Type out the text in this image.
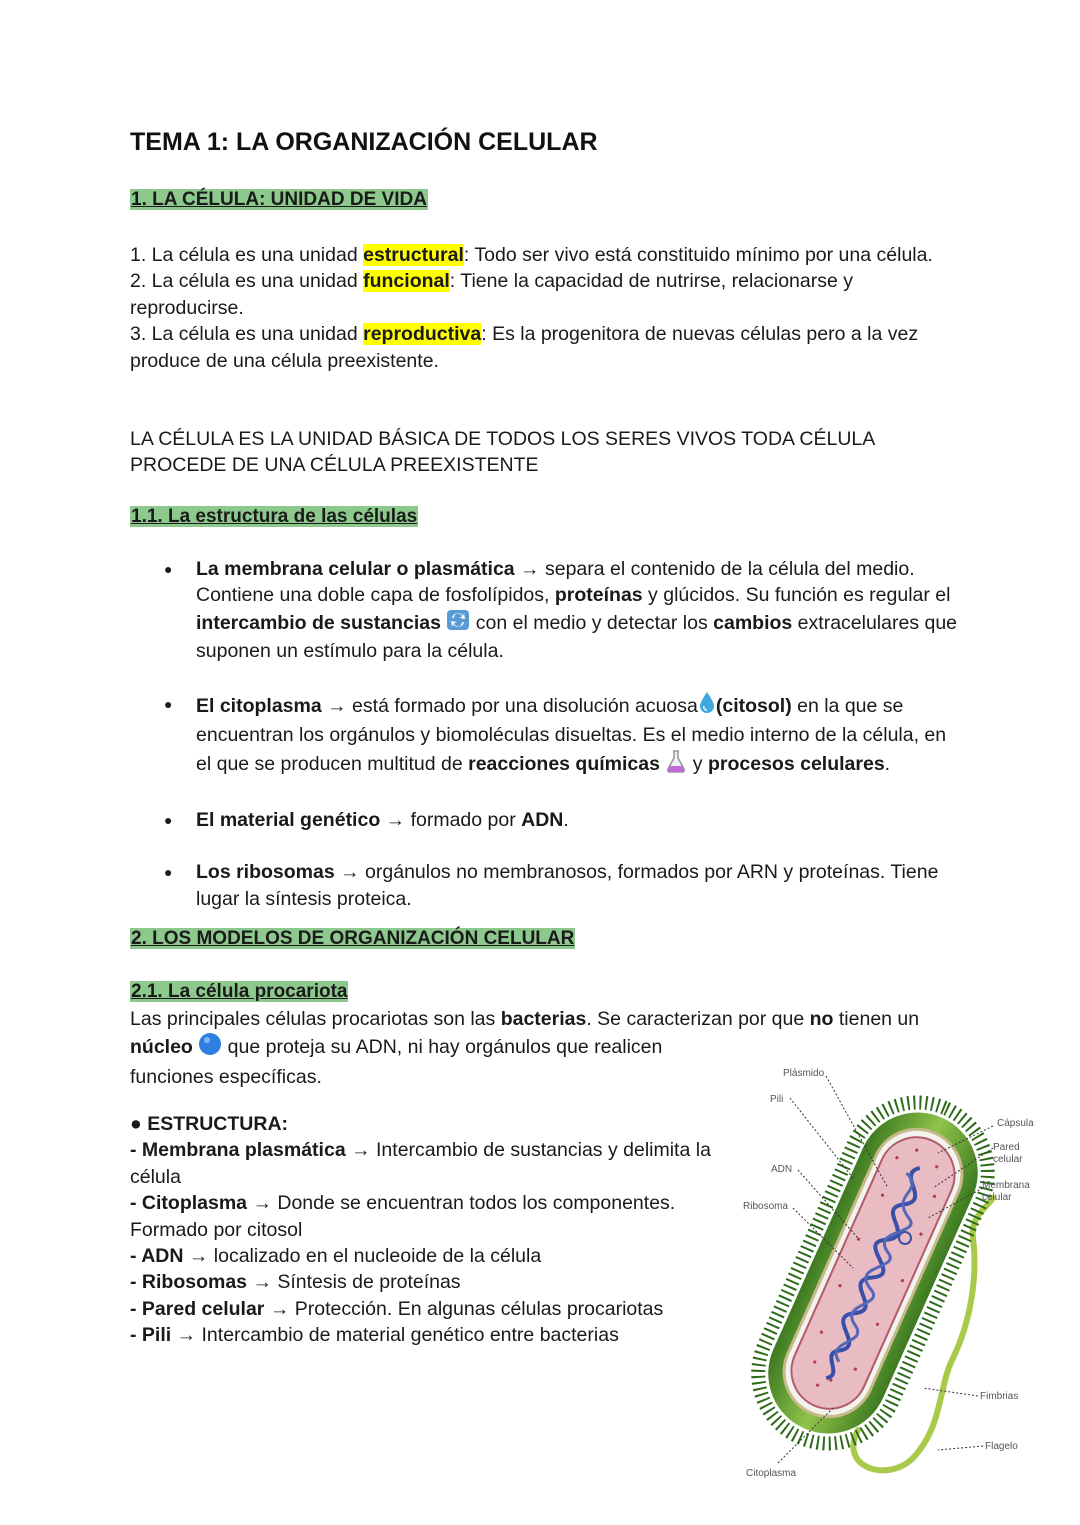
TEMA 1: LA ORGANIZACIÓN CELULAR
1. LA CÉLULA: UNIDAD DE VIDA

1. La célula es una unidad estructural: Todo ser vivo está constituido mínimo por una célula.

2. La célula es una unidad funcional: Tiene la capacidad de nutrirse, relacionarse y reproducirse.

3. La célula es una unidad reproductiva: Es la progenitora de nuevas células pero a la vez produce de una célula preexistente.

LA CÉLULA ES LA UNIDAD BÁSICA DE TODOS LOS SERES VIVOS TODA CÉLULA PROCEDE DE UNA CÉLULA PREEXISTENTE

1.1. La estructura de las células
● La membrana celular o plasmática → separa el contenido de la célula del medio. Contiene una doble capa de fosfolípidos, proteínas y glúcidos. Su función es regular el intercambio de sustancias  con el medio y detectar los cambios extracelulares que suponen un estímulo para la célula.
● El citoplasma → está formado por una disolución acuosa (citosol) en la que se encuentran los orgánulos y biomoléculas disueltas. Es el medio interno de la célula, en el que se producen multitud de reacciones químicas  y procesos celulares.
● El material genético → formado por ADN.
● Los ribosomas → orgánulos no membranosos, formados por ARN y proteínas. Tiene lugar la síntesis proteica.
2. LOS MODELOS DE ORGANIZACIÓN CELULAR
2.1. La célula procariota

Las principales células procariotas son las bacterias. Se caracterizan por que no tienen un
núcleo  que proteja su ADN, ni hay orgánulos que realicen
funciones específicas.

● ESTRUCTURA:

- Membrana plasmática → Intercambio de sustancias y delimita la célula

- Citoplasma → Donde se encuentran todos los componentes. Formado por citosol

- ADN → localizado en el nucleoide de la célula

- Ribosomas → Síntesis de proteínas

- Pared celular → Protección. En algunas células procariotas

- Pili → Intercambio de material genético entre bacterias

Plásmido
Pili
ADN
Ribosoma
Cápsula
Pared
celular
Membrana
celular
Fimbrias
Flagelo
Citoplasma
